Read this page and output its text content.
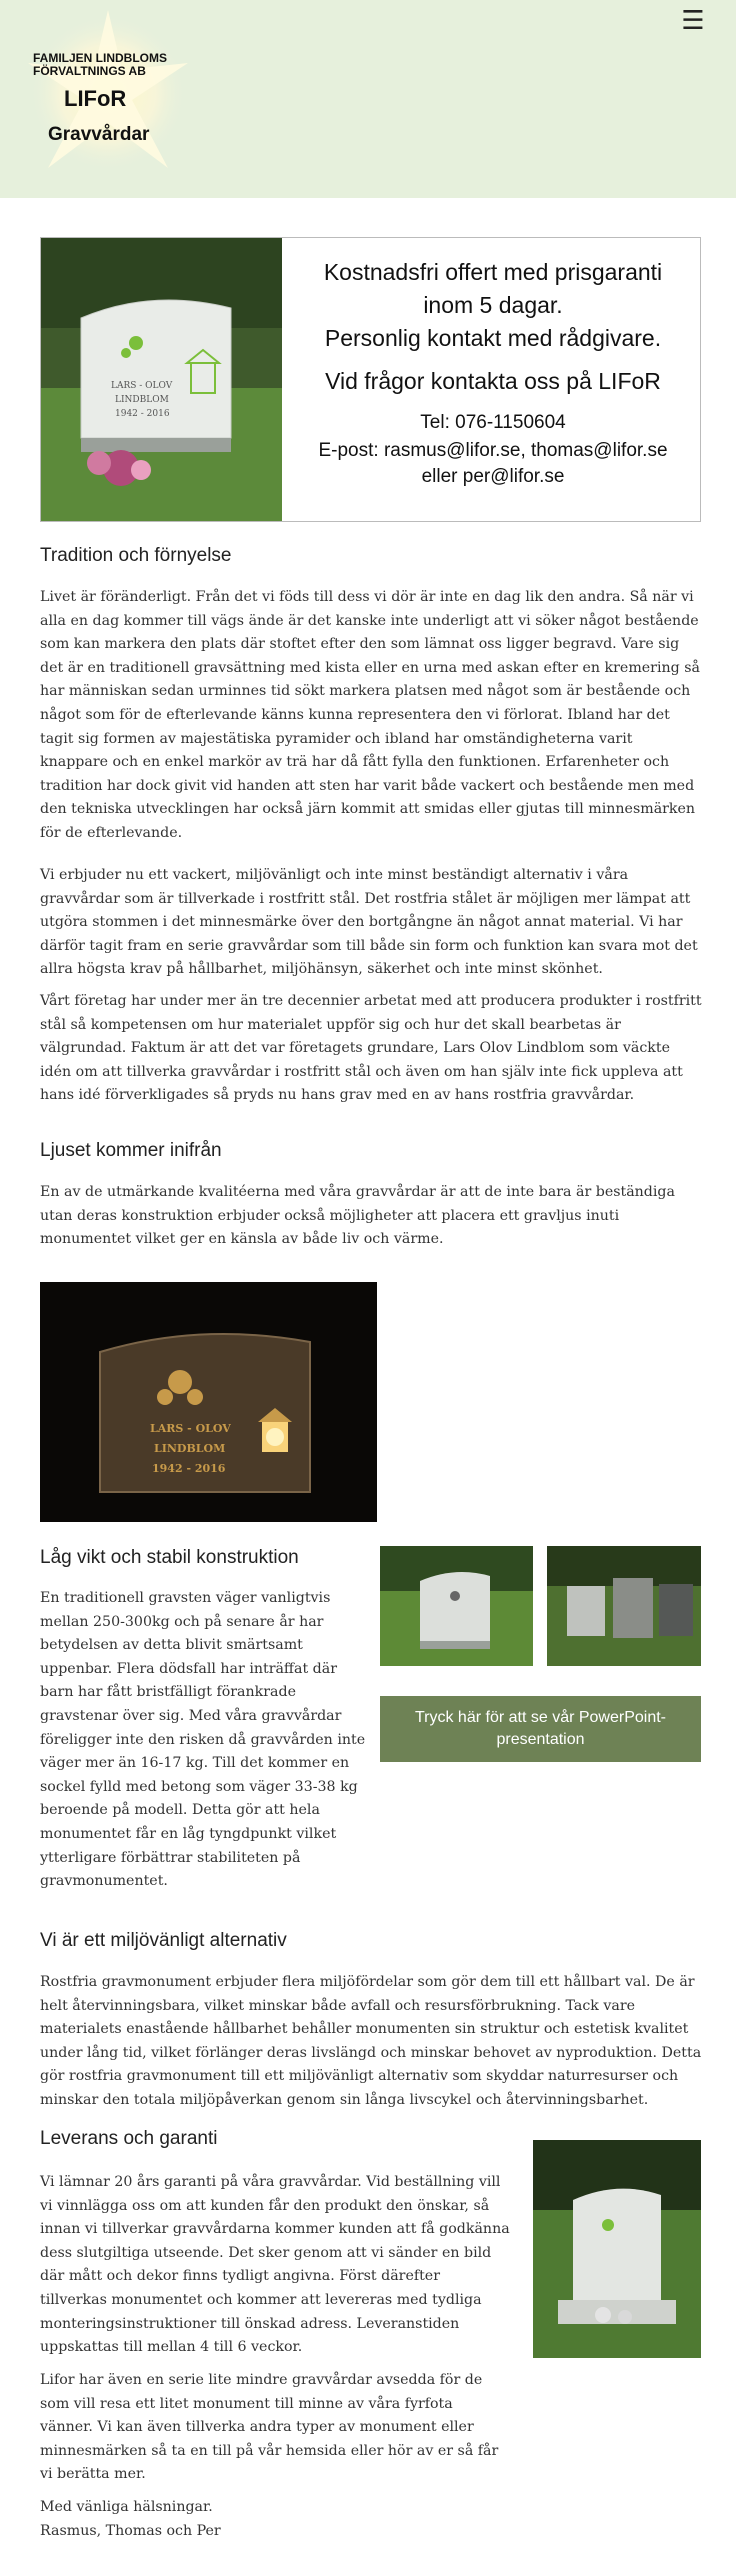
FAMILJEN LINDBLOMS
FÖRVALTNINGS AB
LIFoR
Gravvårdar
☰
LARS - OLOV LINDBLOM 1942 - 2016
Kostnadsfri offert med prisgaranti
inom 5 dagar.
Personlig kontakt med rådgivare.
Vid frågor kontakta oss på LIFoR
Tel: 076-1150604
E-post: rasmus@lifor.se, thomas@lifor.se
eller per@lifor.se
Tradition och förnyelse

Livet är föränderligt. Från det vi föds till dess vi dör är inte en dag lik den andra. Så när vi alla en dag kommer till vägs ände är det kanske inte underligt att vi söker något bestående som kan markera den plats där stoftet efter den som lämnat oss ligger begravd. Vare sig det är en traditionell gravsättning med kista eller en urna med askan efter en kremering så har människan sedan urminnes tid sökt markera platsen med något som är bestående och något som för de efterlevande känns kunna representera den vi förlorat. Ibland har det tagit sig formen av majestätiska pyramider och ibland har omständigheterna varit knappare och en enkel markör av trä har då fått fylla den funktionen. Erfarenheter och tradition har dock givit vid handen att sten har varit både vackert och bestående men med den tekniska utvecklingen har också järn kommit att smidas eller gjutas till minnesmärken för de efterlevande.

Vi erbjuder nu ett vackert, miljövänligt och inte minst beständigt alternativ i våra gravvårdar som är tillverkade i rostfritt stål. Det rostfria stålet är möjligen mer lämpat att utgöra stommen i det minnesmärke över den bortgångne än något annat material. Vi har därför tagit fram en serie gravvårdar som till både sin form och funktion kan svara mot det allra högsta krav på hållbarhet, miljöhänsyn, säkerhet och inte minst skönhet.

Vårt företag har under mer än tre decennier arbetat med att producera produkter i rostfritt stål så kompetensen om hur materialet uppför sig och hur det skall bearbetas är välgrundad. Faktum är att det var företagets grundare, Lars Olov Lindblom som väckte idén om att tillverka gravvårdar i rostfritt stål och även om han själv inte fick uppleva att hans idé förverkligades så pryds nu hans grav med en av hans rostfria gravvårdar.

Ljuset kommer inifrån

En av de utmärkande kvalitéerna med våra gravvårdar är att de inte bara är beständiga utan deras konstruktion erbjuder också möjligheter att placera ett gravljus inuti monumentet vilket ger en känsla av både liv och värme.

LARS - OLOV LINDBLOM 1942 - 2016
Låg vikt och stabil konstruktion

En traditionell gravsten väger vanligtvis mellan 250-300kg och på senare år har betydelsen av detta blivit smärtsamt uppenbar. Flera dödsfall har inträffat där barn har fått bristfälligt förankrade gravstenar över sig. Med våra gravvårdar föreligger inte den risken då gravvården inte väger mer än 16-17 kg. Till det kommer en sockel fylld med betong som väger 33-38 kg beroende på modell. Detta gör att hela monumentet får en låg tyngdpunkt vilket ytterligare förbättrar stabiliteten på gravmonumentet.

Tryck här för att se vår PowerPoint-presentation
Vi är ett miljövänligt alternativ

Rostfria gravmonument erbjuder flera miljöfördelar som gör dem till ett hållbart val. De är helt återvinningsbara, vilket minskar både avfall och resursförbrukning. Tack vare materialets enastående hållbarhet behåller monumenten sin struktur och estetisk kvalitet under lång tid, vilket förlänger deras livslängd och minskar behovet av nyproduktion. Detta gör rostfria gravmonument till ett miljövänligt alternativ som skyddar naturresurser och minskar den totala miljöpåverkan genom sin långa livscykel och återvinningsbarhet.

Leverans och garanti

Vi lämnar 20 års garanti på våra gravvårdar. Vid beställning vill vi vinnlägga oss om att kunden får den produkt den önskar, så innan vi tillverkar gravvårdarna kommer kunden att få godkänna dess slutgiltiga utseende. Det sker genom att vi sänder en bild där mått och dekor finns tydligt angivna. Först därefter tillverkas monumentet och kommer att levereras med tydliga monteringsinstruktioner till önskad adress. Leveranstiden uppskattas till mellan 4 till 6 veckor.

Lifor har även en serie lite mindre gravvårdar avsedda för de som vill resa ett litet monument till minne av våra fyrfota vänner. Vi kan även tillverka andra typer av monument eller minnesmärken så ta en till på vår hemsida eller hör av er så får vi berätta mer.

Med vänliga hälsningar.

Rasmus, Thomas och Per
